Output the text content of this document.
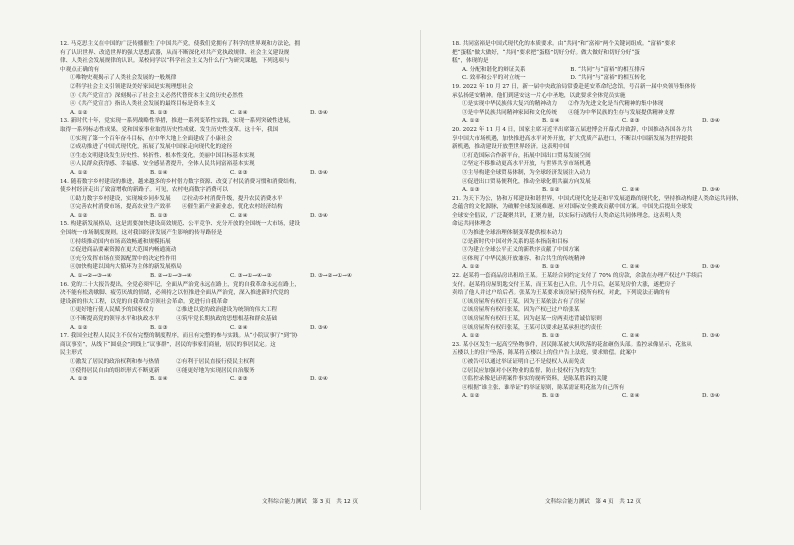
12. 马克思主义在中国的广泛传播催生了中国共产党，使我们党拥有了科学的世界观和方法论，拥

有了认识世界、改造世界的强大思想武器，从而不断深化对共产党执政规律、社会主义建设规

律、人类社会发展规律的认识。某校同学以“科学社会主义为什么行”为研究课题，下列选项与

中观点正确的有

①唯物史观揭示了人类社会发展的一般规律

②科学社会主义引领建设美好家园是实现理想社会

③《共产党宣言》深刻揭示了社会主义必然代替资本主义的历史必然性

④《共产党宣言》指出人类社会发展的最终目标是资本主义

A. ①②	B. ①③	C. ②④	D. ③④

13. 新时代十年，党实现一系列战略性举措，推进一系列变革性实践，实现一系列突破性进展，

取得一系列标志性成果，党和国家事业取得历史性成就、发生历史性变革。这十年，我国

①实现了第一个百年奋斗目标，在中华大地上全面建成了小康社会

②成功推进了中国式现代化，拓展了发展中国家走向现代化的途径

③生态文明建设发生历史性、转折性、根本性变化，美丽中国目标基本实现

④人民群众获得感、幸福感、安全感显著提升，全体人民共同富裕基本实现

A. ①②	B. ①④	C. ②③	D. ③④

14. 随着数字乡村建设的推进，越来越多的乡村借力数字资源、改变了村民消费习惯和消费结构，

使乡村经济走出了致富增收的新路子。可见，农村电商数字消费可以

①助力数字乡村建设，实现城乡同步发展　　②拉动乡村消费升级，提升农民消费水平

③完善农村消费市场，提高农业生产效率　　④催生新产业新业态，优化农村经济结构

A. ①②	B. ①③	C. ②④	D. ③④

15. 构建新发展格局，这是需要加快建设高效规范、公平竞争、充分开放的全国统一大市场，建设

全国统一市场制度规则。这对我国经济发展产生影响的传导路径是

①持续推动国内市场高效畅通和规模拓展

②促进商品要素资源在更大范围内畅通流动

③充分发挥市场在资源配置中的决定性作用

④加快构建以国内大循环为主体的新发展格局

A. ①→②→③→④	B. ②→①→③→④	C. ③→①→④→②	D. ③→②→①→④

16. 党的二十大报告提出，全党必须牢记，全面从严治党永远在路上，党的自我革命永远在路上，

决不能有松劲歇脚、疲劳厌战的情绪，必须持之以恒推进全面从严治党，深入推进新时代党的

建设新的伟大工程，以党的自我革命引领社会革命。党进行自我革命

①更好地行使人民赋予的国家权力　　　　②推进以党的政治建设为统领的伟大工程

③不断提高党的领导水平和执政水平　　　④筑牢党长期执政的思想根基和群众基础

A. ①②	B. ①③	C. ②④	D. ③④

17. 我国全过程人民民主不仅有完整的制度程序，而且有完整的参与实践。从“小院议事厅”到“协

商议事室”，从线下“圆桌会”到线上“议事群”，居民的事家们商量，居民的事居民定。这

民主形式

①激发了居民的政治权利和参与热情　　　②有利于居民直接行使民主权利

③使得居民自由的组织形式不断更新　　　④能更好地为实现居民自治服务

A. ①③	B. ①④	C. ②③	D. ②④

18. 共同富裕是中国式现代化的本质要求。由“共同”和“富裕”两个关键词组成。“富裕”要求

把“蛋糕”做大做好，“共同”要求把“蛋糕”切好分好。做大做好和切好分好“蛋

糕”，体现的是

A. 分配和谐化的辩证关系　　　　　　　　B. “共同”与“富裕”的相互排斥

C. 效率和公平的对立统一　　　　　　　　D. “共同”与“富裕”的相互转化

19. 2022 年 10 月 27 日，新一届中央政治局常委赴延安革命纪念馆，号召新一届中央领导集体传

承弘扬延安精神。他们到延安这一片心中圣地，以此要求全体党员实施

①是实现中华民族伟大复兴的精神动力　　②作为先进文化是当代精神的集中体现

③是中华民族共同精神家园和文化传统　　④能为中华民族的生存与发展提供精神支撑

A. ①②	B. ①④	C. ②③	D. ③④

20. 2022 年 11 月 4 日，国家主席习近平出席第五届进博会开幕式并致辞，中国推动各国各方共

享中国大市场机遇，加快推进高水平对外开放，扩大优质产品进口，不断以中国新发展为世界提供

新机遇，推动建设开放型世界经济。这表明中国

①打造国际合作新平台，拓展中国出口贸易发展空间

②坚定不移推动更高水平开放，与世界共享市场机遇

③主导构建全球贸易体制，为全球经济发展注入动力

④促进出口贸易便利化，推动全球化朝共赢方向发展

A. ①③	B. ①②	C. ②④	D. ③④

21. 为天下为公，协和万邦建设和谐世界，中国式现代化是走和平发展道路的现代化，坚持推动构建人类命运共同体，

念蕴含的文化源脉，为破解全球发展难题、应对国际安全挑战贡献中国方案。中国先后提出全球发

全球安全倡议，广泛凝聚共识，汇聚力量，以实际行动践行人类命运共同体理念。这表明人类

命运共同体理念

①为推进全球治理体制变革提供根本动力

②是新时代中国对外关系的基本指南和目标

③为建立全球公平正义的新秩序贡献了中国方案

④体现了中华民族开放兼容、和合共生的传统精神

A. ①②	B. ①③	C. ②④	D. ③④

22. 赵某将一套商品房出租给王某。王某经合同约定支付了 70% 的房款，余款在办理产权过户手续后

支付。赵某将房屋钥匙交付王某，而王某也已入住，几个月后，赵某见房价大涨，遂把房子

卖给了他人并过户给后者。张某为王某要求该房屋行使所有权。对此，下列说法正确的有

①该房屋所有权归王某，因为王某依法占有了房屋

②该房屋所有权归张某，因为产权已过户给张某

③该房屋所有权归王某，因为赵某一房两卖违背诚信原则

④该房屋所有权归张某，王某可以要求赵某承担违约责任

A. ①②	B. ①③	C. ②④	D. ③④

23. 某小区发生一起高空坠物事件，居民陈某被大风吹落的花盆砸伤头部。监控录像显示，花盆从

五楼以上的住户坠落，陈某将五楼以上的住户告上法庭，要求赔偿。此案中

①被告可以通过举证证明自己不是侵权人从而免责

②居民应加强对小区物业的监督，防止侵权行为的发生

③监控录像是证明案件事实的视听资料，是陈某胜诉的关键

④根据“谁主张、谁举证”的举证原则，陈某需证明花盆为自己所有

A. ①②	B. ①③	C. ②④	D. ③④
文科综合能力测试　第 3 页　共 12 页	文科综合能力测试　第 4 页　共 12 页
